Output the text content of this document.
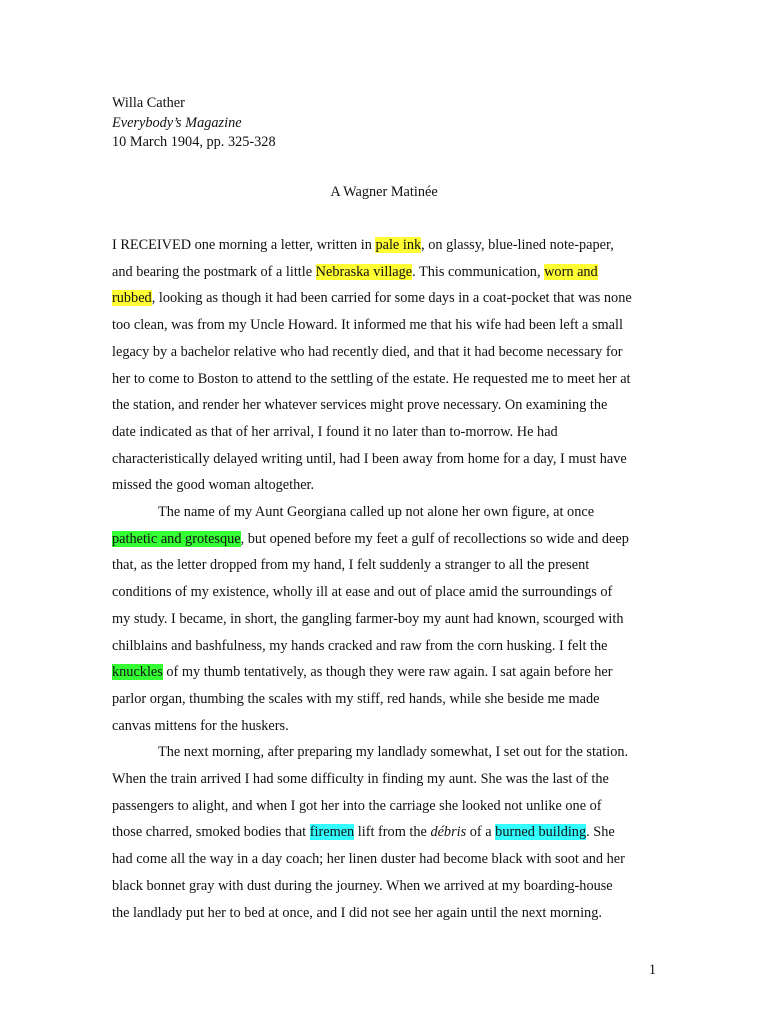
Willa Cather
Everybody’s Magazine
10 March 1904, pp. 325-328
A Wagner Matinée

I RECEIVED one morning a letter, written in pale ink, on glassy, blue-lined note-paper, and bearing the postmark of a little Nebraska village. This communication, worn and rubbed, looking as though it had been carried for some days in a coat-pocket that was none too clean, was from my Uncle Howard. It informed me that his wife had been left a small legacy by a bachelor relative who had recently died, and that it had become necessary for her to come to Boston to attend to the settling of the estate. He requested me to meet her at the station, and render her whatever services might prove necessary. On examining the date indicated as that of her arrival, I found it no later than to-morrow. He had characteristically delayed writing until, had I been away from home for a day, I must have missed the good woman altogether.

The name of my Aunt Georgiana called up not alone her own figure, at once pathetic and grotesque, but opened before my feet a gulf of recollections so wide and deep that, as the letter dropped from my hand, I felt suddenly a stranger to all the present conditions of my existence, wholly ill at ease and out of place amid the surroundings of my study. I became, in short, the gangling farmer-boy my aunt had known, scourged with chilblains and bashfulness, my hands cracked and raw from the corn husking. I felt the knuckles of my thumb tentatively, as though they were raw again. I sat again before her parlor organ, thumbing the scales with my stiff, red hands, while she beside me made canvas mittens for the huskers.

The next morning, after preparing my landlady somewhat, I set out for the station. When the train arrived I had some difficulty in finding my aunt. She was the last of the passengers to alight, and when I got her into the carriage she looked not unlike one of those charred, smoked bodies that firemen lift from the débris of a burned building. She had come all the way in a day coach; her linen duster had become black with soot and her black bonnet gray with dust during the journey. When we arrived at my boarding-house the landlady put her to bed at once, and I did not see her again until the next morning.

1
